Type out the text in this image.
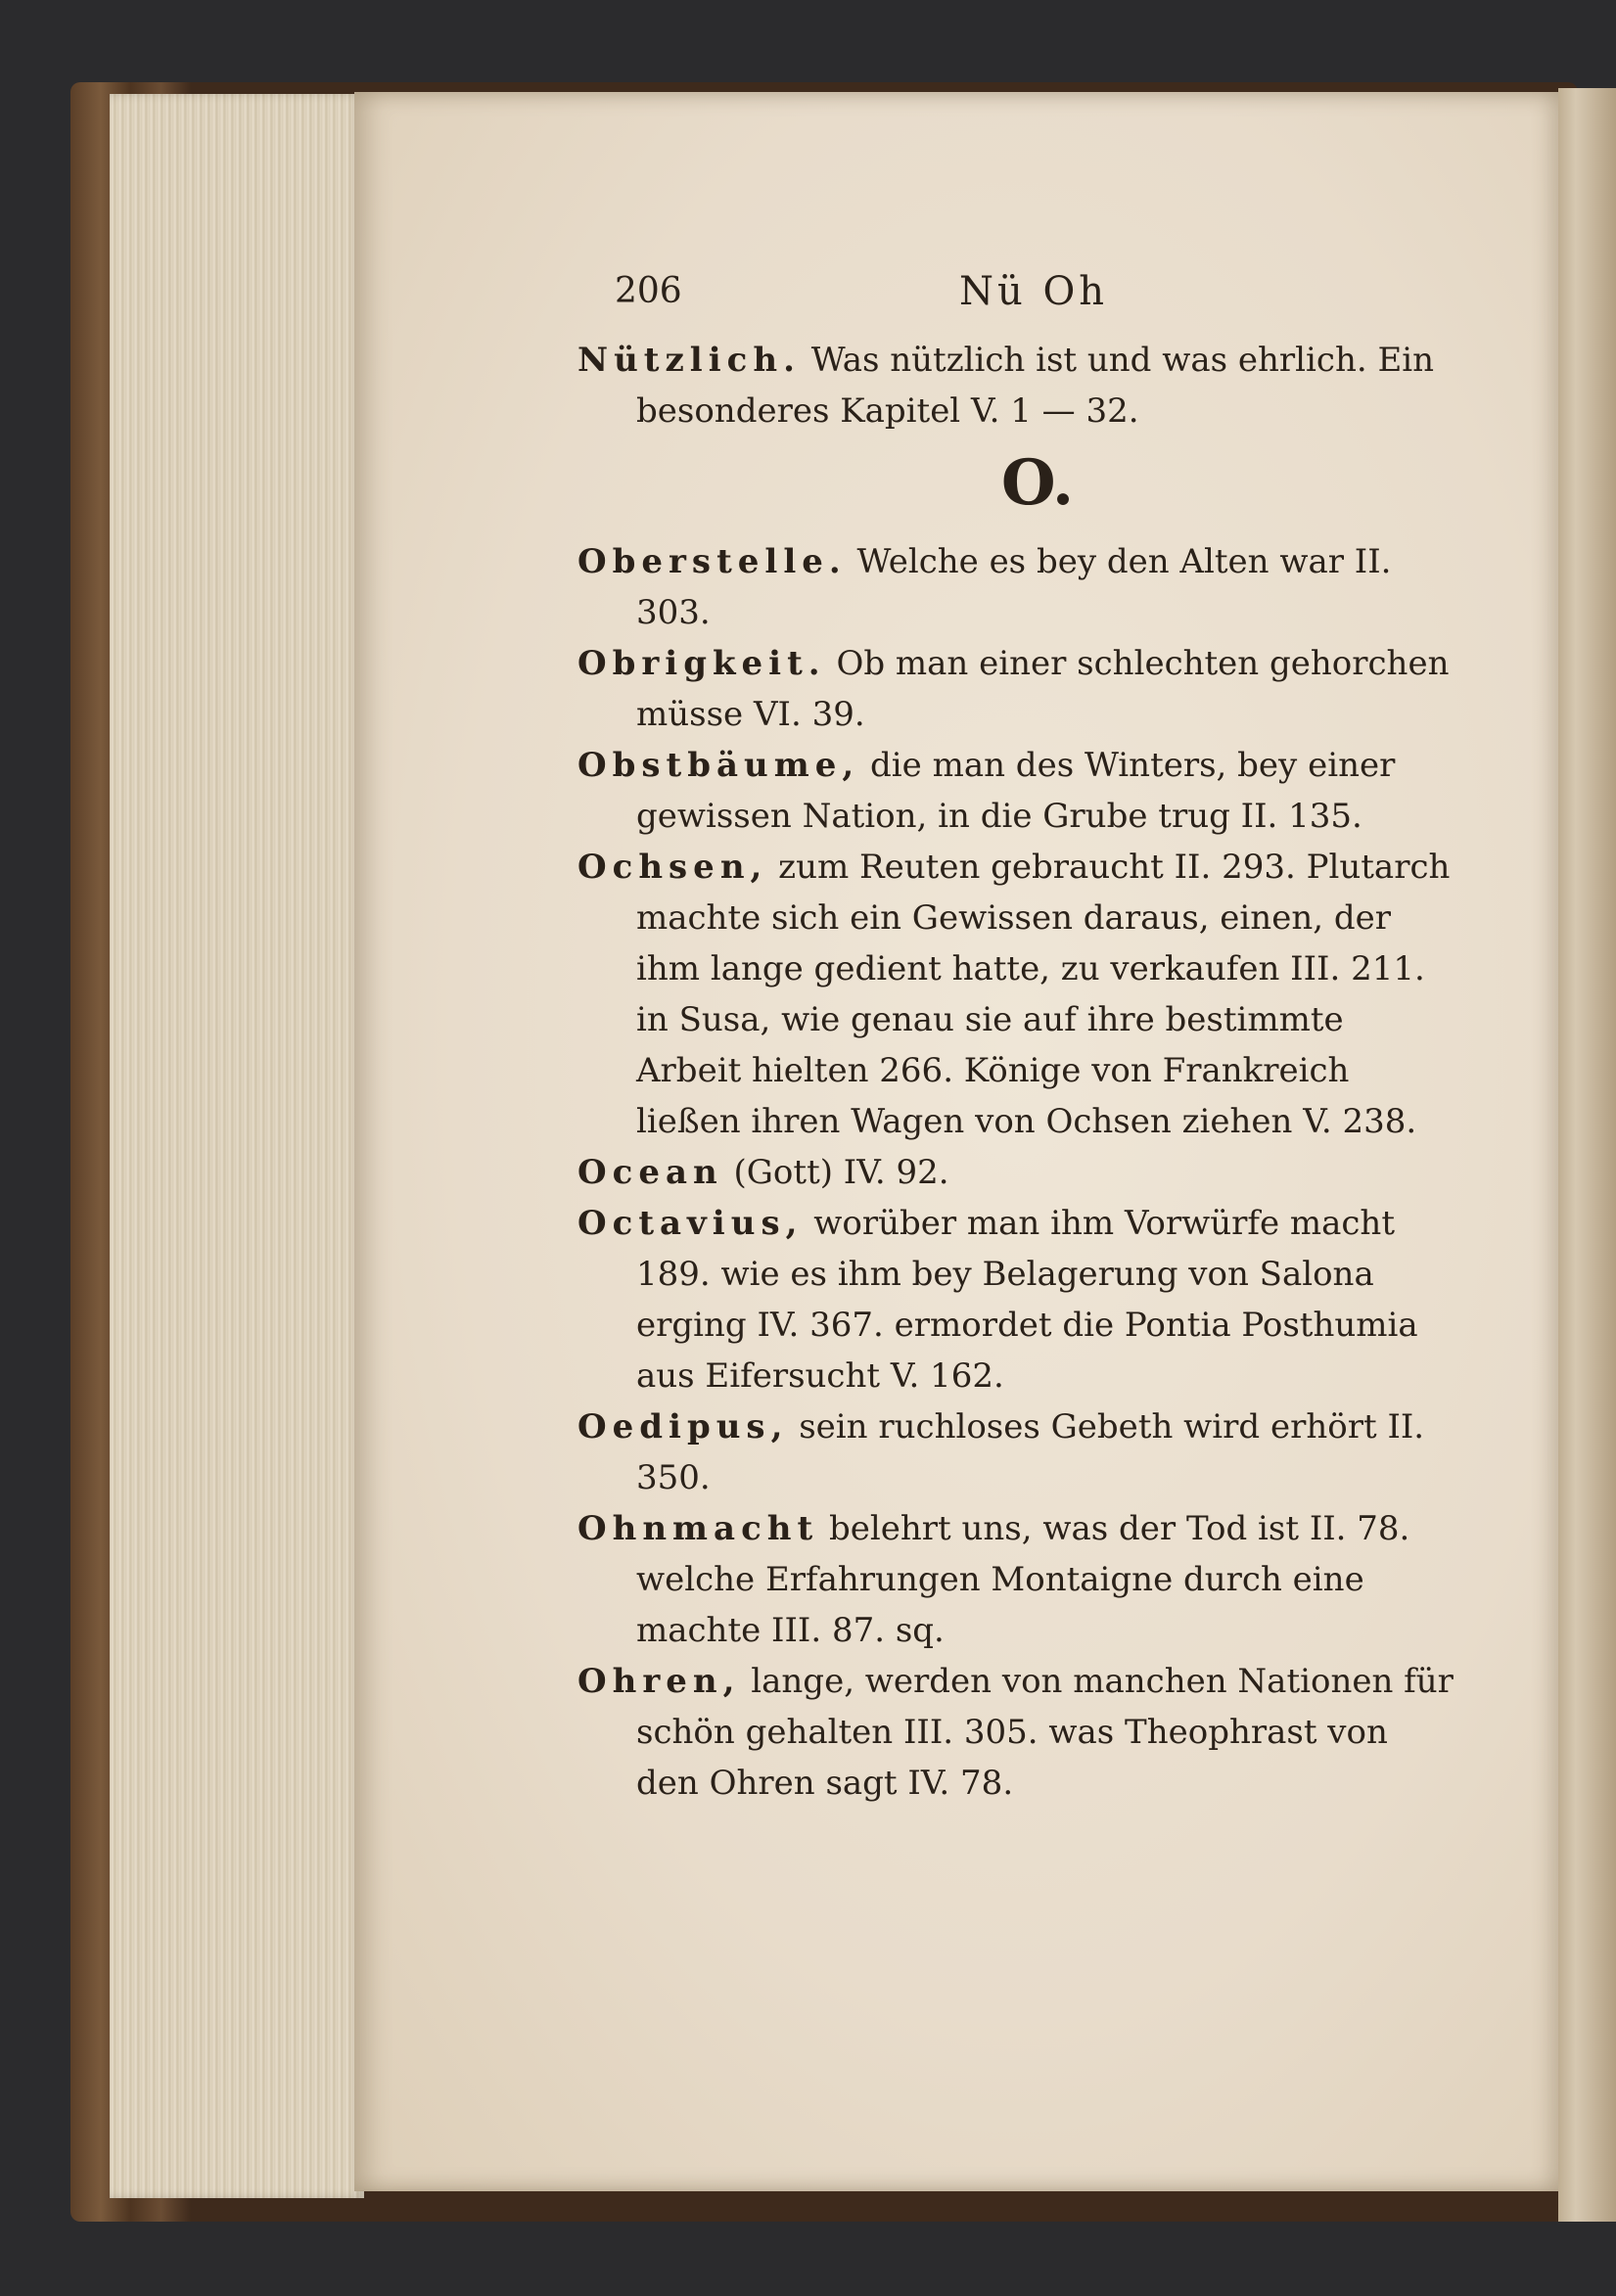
206	Nü Oh

Nützlich. Was nützlich ist und was ehrlich. Ein besonderes Kapitel V. 1 — 32.

O.

Oberstelle. Welche es bey den Alten war II. 303.

Obrigkeit. Ob man einer schlechten gehorchen müsse VI. 39.

Obstbäume, die man des Winters, bey einer gewissen Nation, in die Grube trug II. 135.

Ochsen, zum Reuten gebraucht II. 293. Plutarch machte sich ein Gewissen daraus, einen, der ihm lange gedient hatte, zu verkaufen III. 211. in Susa, wie genau sie auf ihre bestimmte Arbeit hielten 266. Könige von Frankreich ließen ihren Wagen von Ochsen ziehen V. 238.

Ocean (Gott) IV. 92.

Octavius, worüber man ihm Vorwürfe macht 189. wie es ihm bey Belagerung von Salona erging IV. 367. ermordet die Pontia Posthumia aus Eifersucht V. 162.

Oedipus, sein ruchloses Gebeth wird erhört II. 350.

Ohnmacht belehrt uns, was der Tod ist II. 78. welche Erfahrungen Montaigne durch eine machte III. 87. sq.

Ohren, lange, werden von manchen Nationen für schön gehalten III. 305. was Theophrast von den Ohren sagt IV. 78.
